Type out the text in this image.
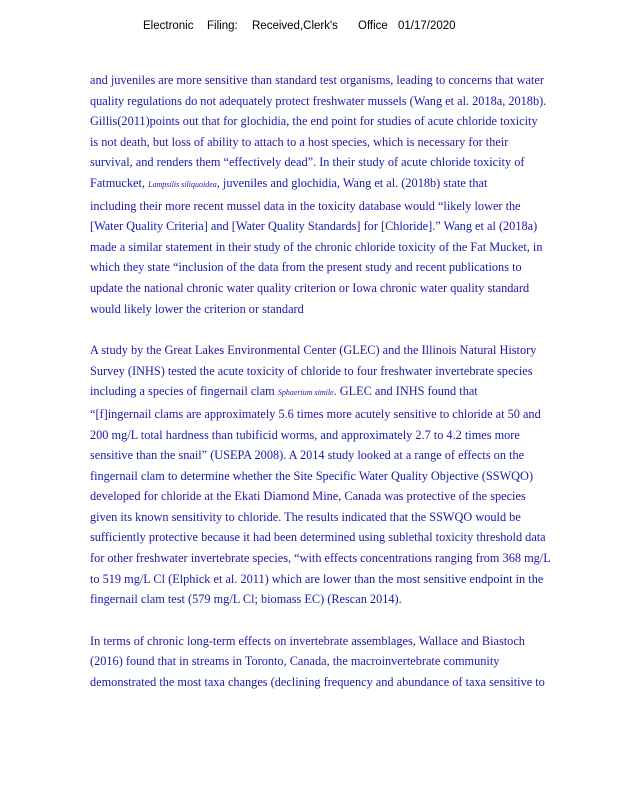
Electronic Filing: Received,Clerk's Office 01/17/2020

and juveniles are more sensitive than standard test organisms, leading to concerns that water
quality regulations do not adequately protect freshwater mussels (Wang et al. 2018a, 2018b).
Gillis(2011)points out that for glochidia, the end point for studies of acute chloride toxicity
is not death, but loss of ability to attach to a host species, which is necessary for their
survival, and renders them “effectively dead”. In their study of acute chloride toxicity of
Fatmucket, Lampsilis siliquoidea, juveniles and glochidia, Wang et al. (2018b) state that
including their more recent mussel data in the toxicity database would “likely lower the
[Water Quality Criteria] and [Water Quality Standards] for [Chloride].” Wang et al (2018a)
made a similar statement in their study of the chronic chloride toxicity of the Fat Mucket, in
which they state “inclusion of the data from the present study and recent publications to
update the national chronic water quality criterion or Iowa chronic water quality standard
would likely lower the criterion or standard

A study by the Great Lakes Environmental Center (GLEC) and the Illinois Natural History
Survey (INHS) tested the acute toxicity of chloride to four freshwater invertebrate species
including a species of fingernail clam Sphaerium simile. GLEC and INHS found that
“[f]ingernail clams are approximately 5.6 times more acutely sensitive to chloride at 50 and
200 mg/L total hardness than tubificid worms, and approximately 2.7 to 4.2 times more
sensitive than the snail” (USEPA 2008). A 2014 study looked at a range of effects on the
fingernail clam to determine whether the Site Specific Water Quality Objective (SSWQO)
developed for chloride at the Ekati Diamond Mine, Canada was protective of the species
given its known sensitivity to chloride. The results indicated that the SSWQO would be
sufficiently protective because it had been determined using sublethal toxicity threshold data
for other freshwater invertebrate species, “with effects concentrations ranging from 368 mg/L
to 519 mg/L Cl (Elphick et al. 2011) which are lower than the most sensitive endpoint in the
fingernail clam test (579 mg/L Cl; biomass EC) (Rescan 2014).

In terms of chronic long-term effects on invertebrate assemblages, Wallace and Biastoch
(2016) found that in streams in Toronto, Canada, the macroinvertebrate community
demonstrated the most taxa changes (declining frequency and abundance of taxa sensitive to
